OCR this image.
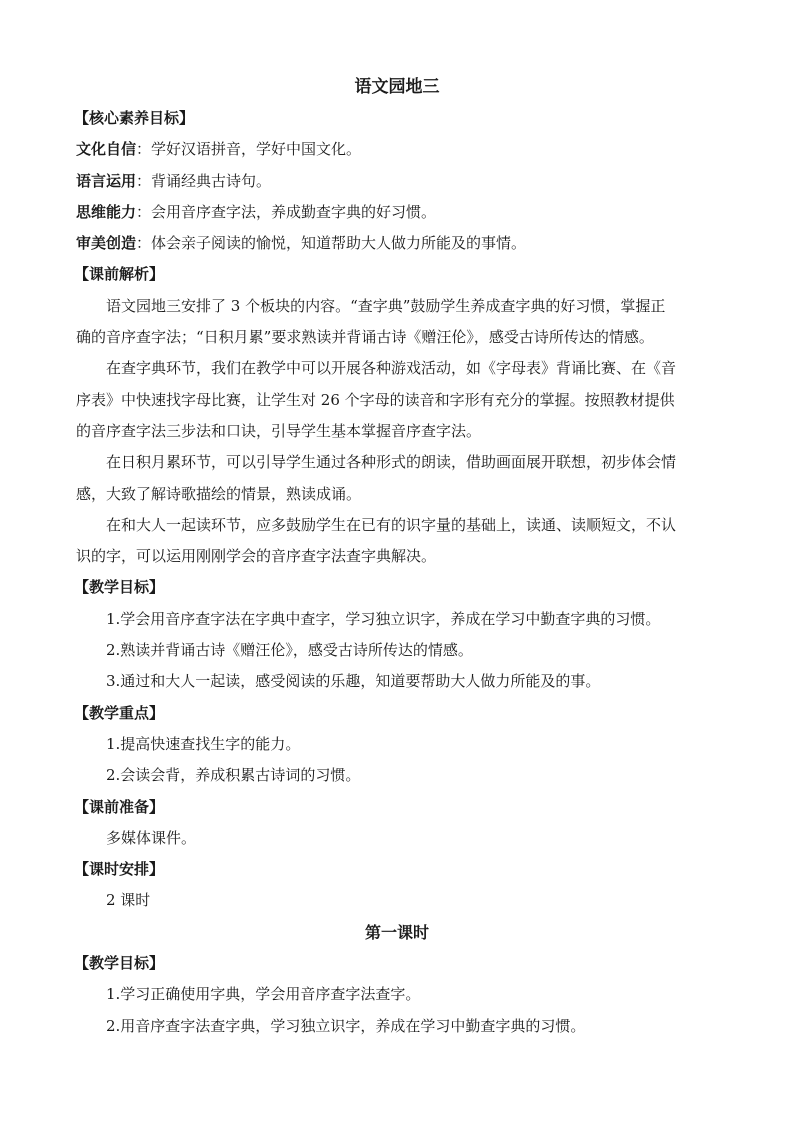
语文园地三
【核心素养目标】
文化自信：学好汉语拼音，学好中国文化。
语言运用：背诵经典古诗句。
思维能力：会用音序查字法，养成勤查字典的好习惯。
审美创造：体会亲子阅读的愉悦，知道帮助大人做力所能及的事情。
【课前解析】
语文园地三安排了 3 个板块的内容。“查字典”鼓励学生养成查字典的好习惯，掌握正
确的音序查字法；“日积月累”要求熟读并背诵古诗《赠汪伦》，感受古诗所传达的情感。
在查字典环节，我们在教学中可以开展各种游戏活动，如《字母表》背诵比赛、在《音
序表》中快速找字母比赛，让学生对 26 个字母的读音和字形有充分的掌握。按照教材提供
的音序查字法三步法和口诀，引导学生基本掌握音序查字法。
在日积月累环节，可以引导学生通过各种形式的朗读，借助画面展开联想，初步体会情
感，大致了解诗歌描绘的情景，熟读成诵。
在和大人一起读环节，应多鼓励学生在已有的识字量的基础上，读通、读顺短文，不认
识的字，可以运用刚刚学会的音序查字法查字典解决。
【教学目标】
1.学会用音序查字法在字典中查字，学习独立识字，养成在学习中勤查字典的习惯。
2.熟读并背诵古诗《赠汪伦》，感受古诗所传达的情感。
3.通过和大人一起读，感受阅读的乐趣，知道要帮助大人做力所能及的事。
【教学重点】
1.提高快速查找生字的能力。
2.会读会背，养成积累古诗词的习惯。
【课前准备】
多媒体课件。
【课时安排】
2 课时
第一课时
【教学目标】
1.学习正确使用字典，学会用音序查字法查字。
2.用音序查字法查字典，学习独立识字，养成在学习中勤查字典的习惯。
